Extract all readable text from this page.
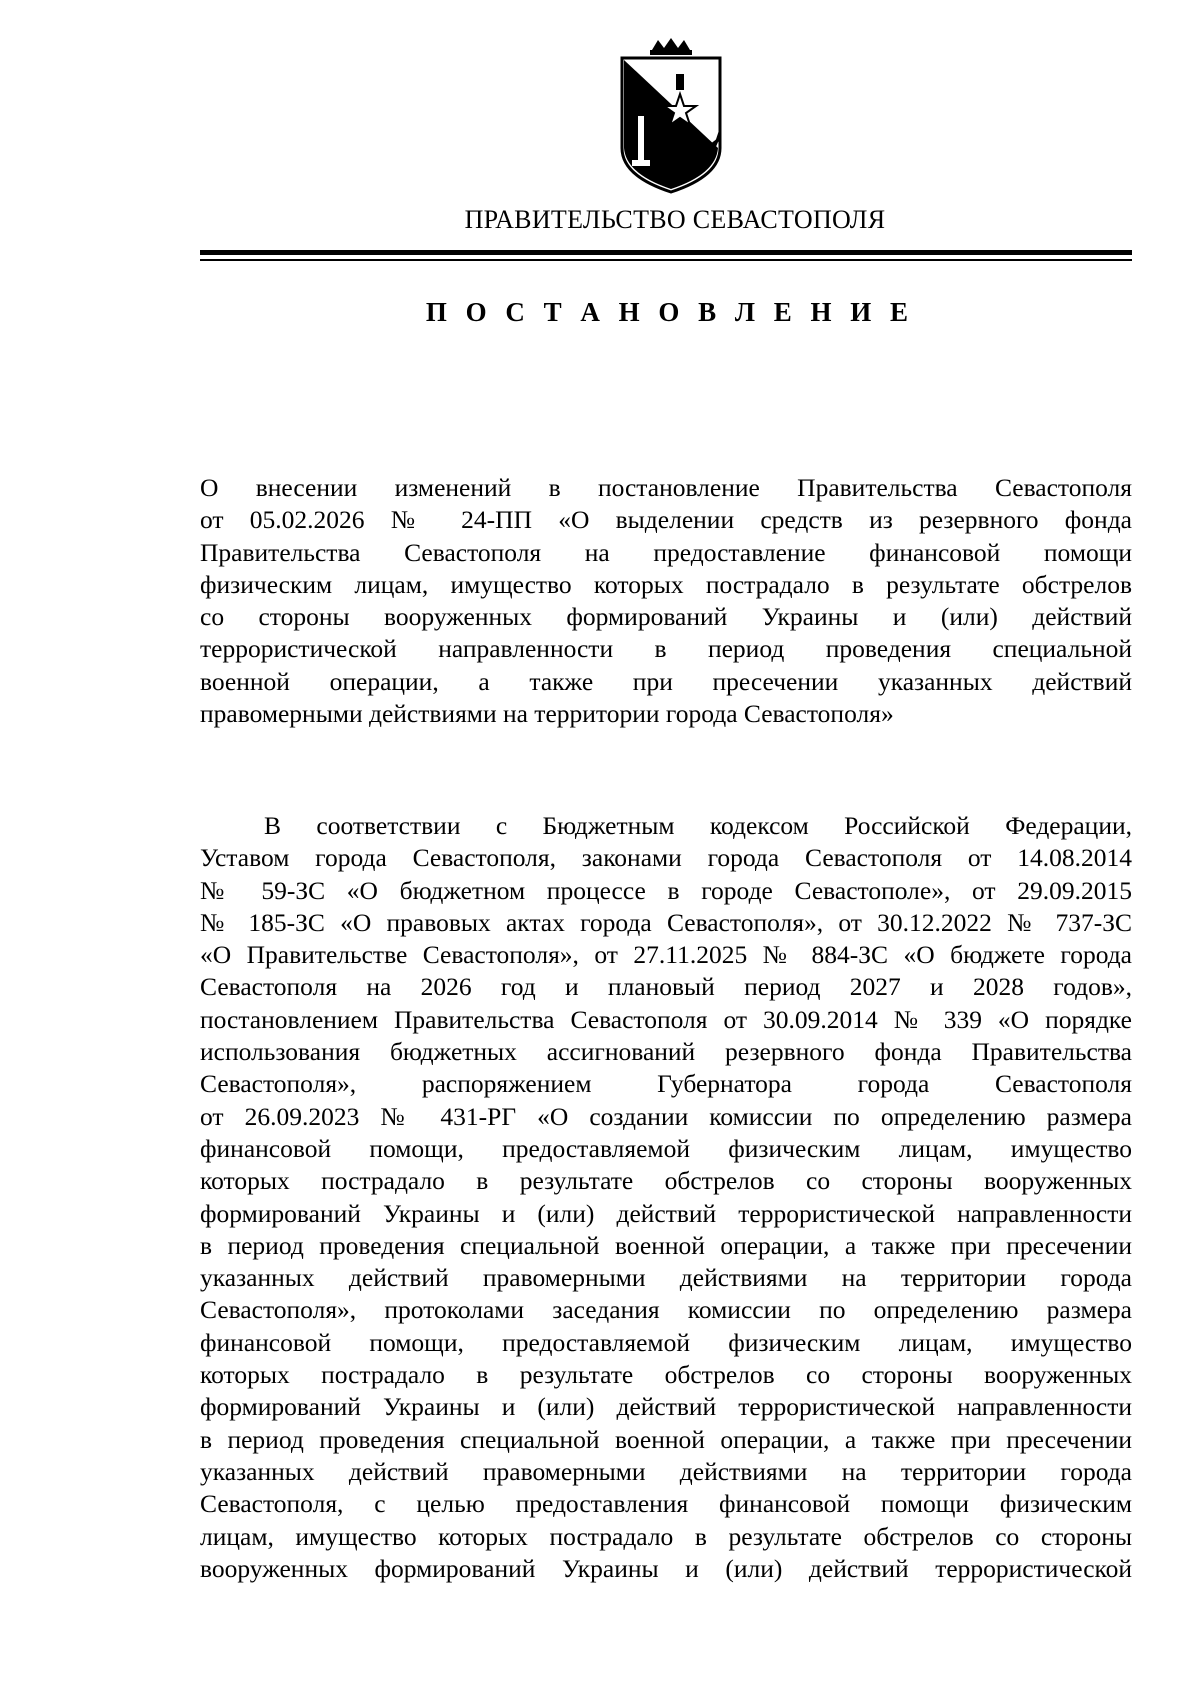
ПРАВИТЕЛЬСТВО СЕВАСТОПОЛЯ
П О С Т А Н О В Л Е Н И Е
О внесении изменений в постановление Правительства Севастополя
от 05.02.2026 № 24-ПП «О выделении средств из резервного фонда
Правительства Севастополя на предоставление финансовой помощи
физическим лицам, имущество которых пострадало в результате обстрелов
со стороны вооруженных формирований Украины и (или) действий
террористической направленности в период проведения специальной
военной операции, а также при пресечении указанных действий
правомерными действиями на территории города Севастополя»
В соответствии с Бюджетным кодексом Российской Федерации,
Уставом города Севастополя, законами города Севастополя от 14.08.2014
№ 59-ЗС «О бюджетном процессе в городе Севастополе», от 29.09.2015
№ 185-ЗС «О правовых актах города Севастополя», от 30.12.2022 № 737-ЗС
«О Правительстве Севастополя», от 27.11.2025 № 884-ЗС «О бюджете города
Севастополя на 2026 год и плановый период 2027 и 2028 годов»,
постановлением Правительства Севастополя от 30.09.2014 № 339 «О порядке
использования бюджетных ассигнований резервного фонда Правительства
Севастополя», распоряжением Губернатора города Севастополя
от 26.09.2023 № 431-РГ «О создании комиссии по определению размера
финансовой помощи, предоставляемой физическим лицам, имущество
которых пострадало в результате обстрелов со стороны вооруженных
формирований Украины и (или) действий террористической направленности
в период проведения специальной военной операции, а также при пресечении
указанных действий правомерными действиями на территории города
Севастополя», протоколами заседания комиссии по определению размера
финансовой помощи, предоставляемой физическим лицам, имущество
которых пострадало в результате обстрелов со стороны вооруженных
формирований Украины и (или) действий террористической направленности
в период проведения специальной военной операции, а также при пресечении
указанных действий правомерными действиями на территории города
Севастополя, с целью предоставления финансовой помощи физическим
лицам, имущество которых пострадало в результате обстрелов со стороны
вооруженных формирований Украины и (или) действий террористической
